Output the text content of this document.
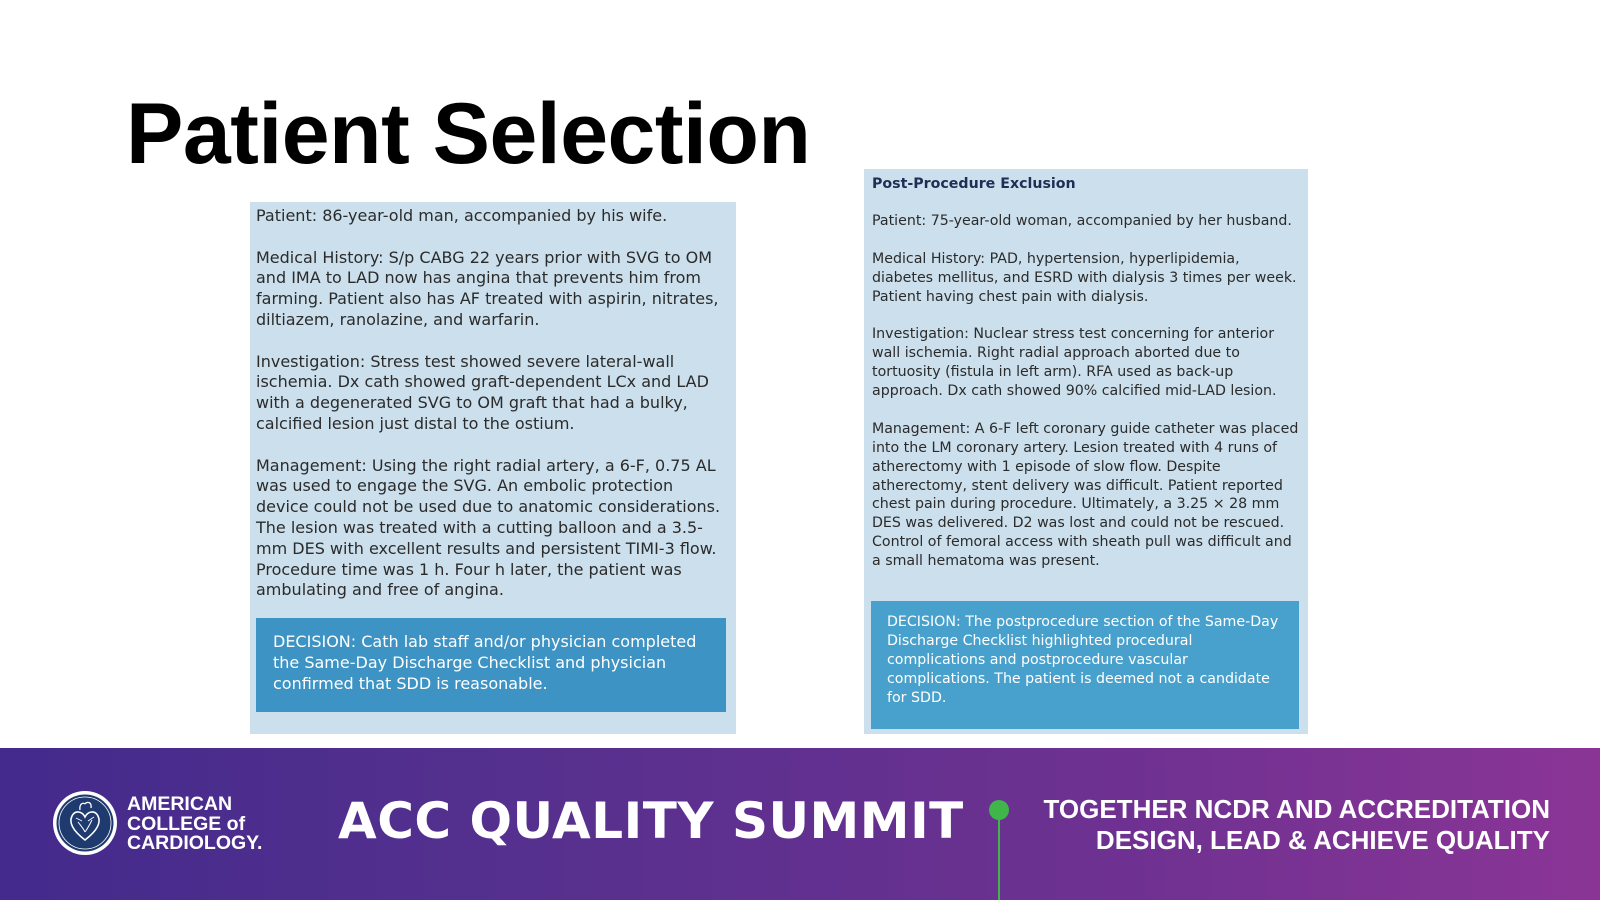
Patient Selection

Patient: 86-year-old man, accompanied by his wife.

Medical History: S/p CABG 22 years prior with SVG to OM and IMA to LAD now has angina that prevents him from farming. Patient also has AF treated with aspirin, nitrates, diltiazem, ranolazine, and warfarin.

Investigation: Stress test showed severe lateral-wall ischemia. Dx cath showed graft-dependent LCx and LAD with a degenerated SVG to OM graft that had a bulky, calcified lesion just distal to the ostium.

Management: Using the right radial artery, a 6-F, 0.75 AL was used to engage the SVG. An embolic protection device could not be used due to anatomic considerations. The lesion was treated with a cutting balloon and a 3.5-mm DES with excellent results and persistent TIMI-3 flow. Procedure time was 1 h. Four h later, the patient was ambulating and free of angina.

DECISION: Cath lab staff and/or physician completed the Same-Day Discharge Checklist and physician confirmed that SDD is reasonable.
Post-Procedure Exclusion

Patient: 75-year-old woman, accompanied by her husband.

Medical History: PAD, hypertension, hyperlipidemia, diabetes mellitus, and ESRD with dialysis 3 times per week. Patient having chest pain with dialysis.

Investigation: Nuclear stress test concerning for anterior wall ischemia. Right radial approach aborted due to tortuosity (fistula in left arm). RFA used as back-up approach. Dx cath showed 90% calcified mid-LAD lesion.

Management: A 6-F left coronary guide catheter was placed into the LM coronary artery. Lesion treated with 4 runs of atherectomy with 1 episode of slow flow. Despite atherectomy, stent delivery was difficult. Patient reported chest pain during procedure. Ultimately, a 3.25 × 28 mm DES was delivered. D2 was lost and could not be rescued. Control of femoral access with sheath pull was difficult and a small hematoma was present.

DECISION: The postprocedure section of the Same-Day Discharge Checklist highlighted procedural complications and postprocedure vascular complications. The patient is deemed not a candidate for SDD.
AMERICAN
COLLEGE of
CARDIOLOGY. ACC QUALITY SUMMIT	TOGETHER NCDR AND ACCREDITATION
DESIGN, LEAD & ACHIEVE QUALITY
